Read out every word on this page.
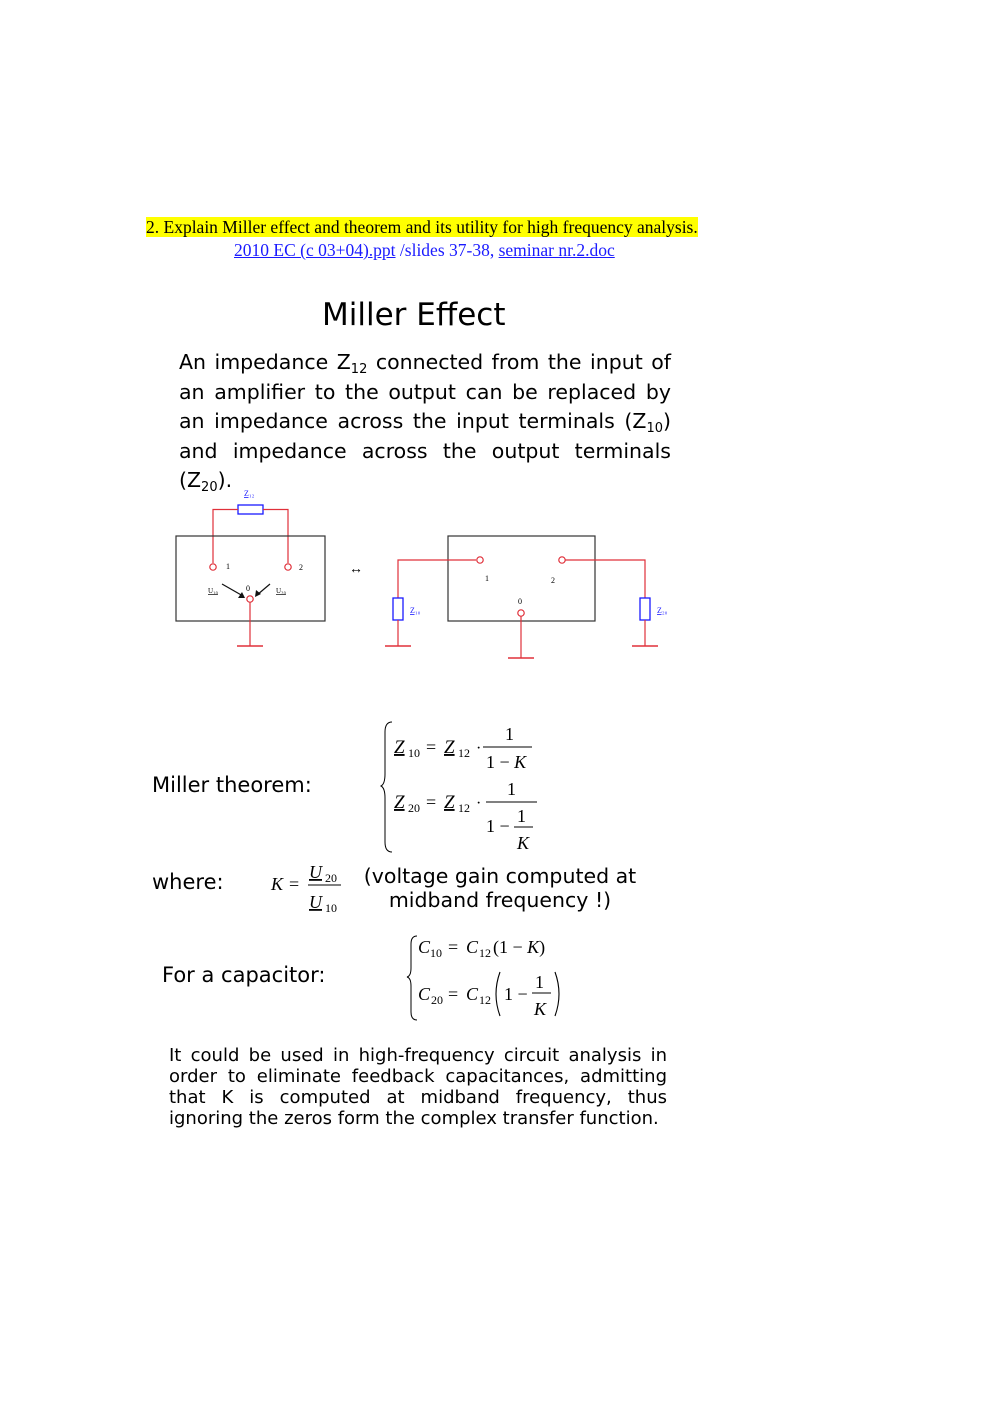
2. Explain Miller effect and theorem and its utility for high frequency analysis.
2010 EC (c 03+04).ppt /slides 37-38, seminar nr.2.doc
Miller Effect
An impedance $Z_{12}$ connected from the input of an amplifier to the output can be replaced by an impedance across the input terminals $(Z_{10})$ and impedance across the output terminals $(Z_{20})$.
Z₁₂
1	2
0
U₁₀	U₂₀
↔
1	2
0
Z₁₀	Z₂₀
Miller theorem:
Z 10 = Z 12 ·
1
1 − K
Z 20 = Z 12 ·
1
1 − 1
K
where:	K =
U 20
U 10
(voltage gain computed at
midband frequency !)
For a capacitor:
C 10 = C 12 (1 − K)
C 20 = C 12 1 −
1
K
It could be used in high-frequency circuit analysis in order to eliminate feedback capacitances, admitting that K is computed at midband frequency, thus ignoring the zeros form the complex transfer function.
